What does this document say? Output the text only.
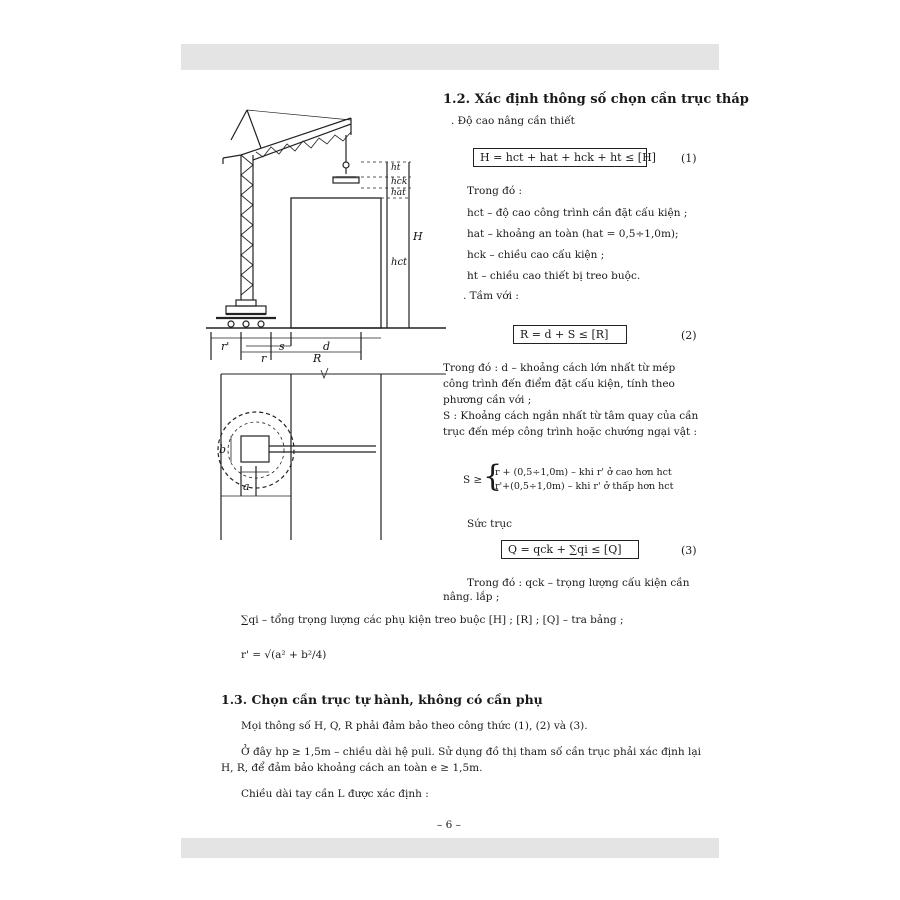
ht
hck
hat
H
hct
r'	s	d
r	R
b
a
1.2. Xác định thông số chọn cần trục tháp
. Độ cao nâng cần thiết
H = hct + hat + hck + ht ≤ [H] (1)
Trong đó :
hct – độ cao công trình cần đặt cấu kiện ;
hat – khoảng an toàn (hat = 0,5÷1,0m);
hck – chiều cao cấu kiện ;
ht – chiều cao thiết bị treo buộc.
. Tầm với :
R = d + S ≤ [R]	(2)
Trong đó : d – khoảng cách lớn nhất từ mép công trình đến điểm đặt cấu kiện, tính theo phương cần với ;
S : Khoảng cách ngắn nhất từ tâm quay của cần trục đến mép công trình hoặc chướng ngại vật :
S ≥ {
r + (0,5÷1,0m) – khi r' ở cao hơn hct
r'+(0,5÷1,0m) – khi r' ở thấp hơn hct
Sức trục
Q = qck + ∑qi ≤ [Q]	(3)
Trong đó : qck – trọng lượng cấu kiện cần
nâng. lắp ;
∑qi – tổng trọng lượng các phụ kiện treo buộc [H] ; [R] ; [Q] – tra bảng ;
r' = √(a² + b²/4)
1.3. Chọn cần trục tự hành, không có cần phụ
Mọi thông số H, Q, R phải đảm bảo theo công thức (1), (2) và (3).
Ở đây hp ≥ 1,5m – chiều dài hệ puli. Sử dụng đồ thị tham số cần trục phải xác định lại H, R, để đảm bảo khoảng cách an toàn e ≥ 1,5m.
Chiều dài tay cần L được xác định :
– 6 –
